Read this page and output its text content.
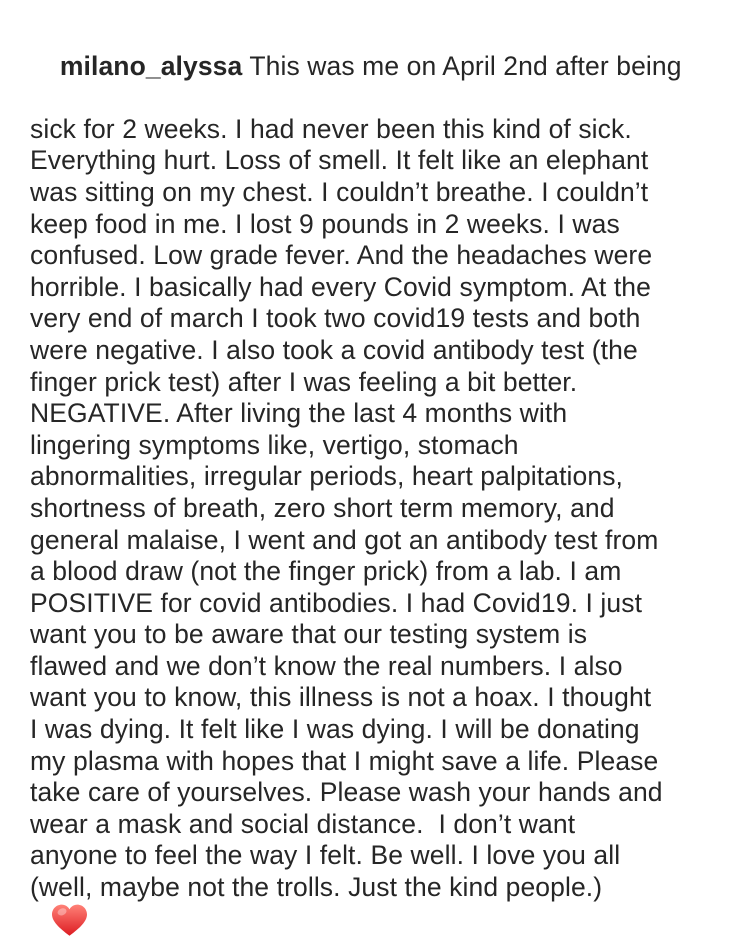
milano_alyssa This was me on April 2nd after being

sick for 2 weeks. I had never been this kind of sick.
Everything hurt. Loss of smell. It felt like an elephant
was sitting on my chest. I couldn’t breathe. I couldn’t
keep food in me. I lost 9 pounds in 2 weeks. I was
confused. Low grade fever. And the headaches were
horrible. I basically had every Covid symptom. At the
very end of march I took two covid19 tests and both
were negative. I also took a covid antibody test (the
finger prick test) after I was feeling a bit better.
NEGATIVE. After living the last 4 months with
lingering symptoms like, vertigo, stomach
abnormalities, irregular periods, heart palpitations,
shortness of breath, zero short term memory, and
general malaise, I went and got an antibody test from
a blood draw (not the finger prick) from a lab. I am
POSITIVE for covid antibodies. I had Covid19. I just
want you to be aware that our testing system is
flawed and we don’t know the real numbers. I also
want you to know, this illness is not a hoax. I thought
I was dying. It felt like I was dying. I will be donating
my plasma with hopes that I might save a life. Please
take care of yourselves. Please wash your hands and
wear a mask and social distance.  I don’t want
anyone to feel the way I felt. Be well. I love you all
(well, maybe not the trolls. Just the kind people.)
